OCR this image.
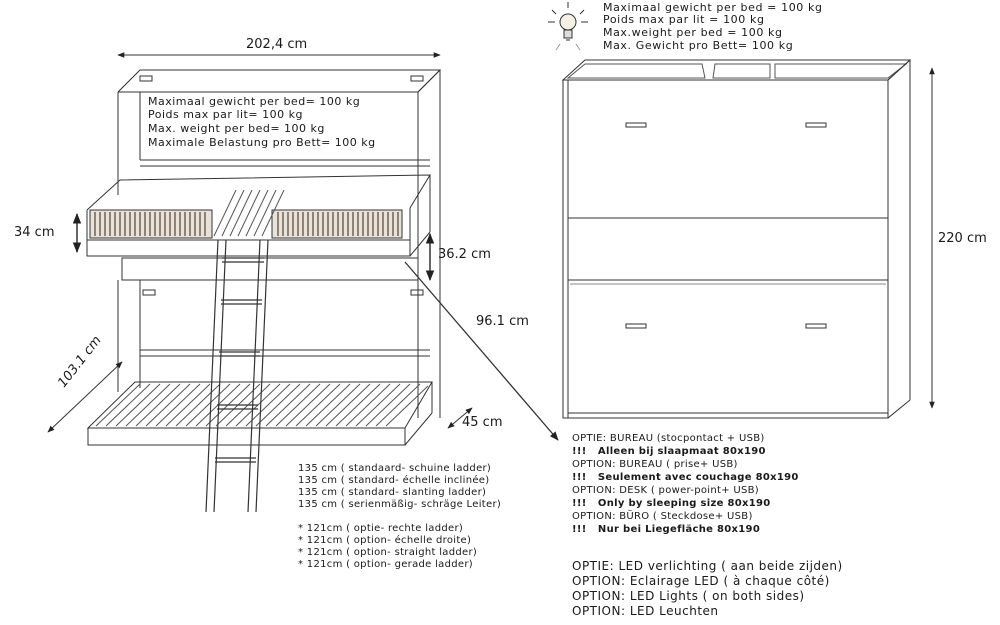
202,4 cm
34 cm
36.2 cm
96.1 cm
103.1 cm
45 cm
220 cm
Maximaal gewicht per bed= 100 kg
Poids max par lit= 100 kg
Max. weight per bed= 100 kg
Maximale Belastung pro Bett= 100 kg
Maximaal gewicht per bed = 100 kg
Poids max par lit = 100 kg
Max.weight per bed = 100 kg
Max. Gewicht pro Bett= 100 kg
135 cm ( standaard- schuine ladder)
135 cm ( standard- échelle inclinée)
135 cm ( standard- slanting ladder)
135 cm ( serienmäßig- schräge Leiter)
* 121cm ( optie- rechte ladder)
* 121cm ( option- échelle droite)
* 121cm ( option- straight ladder)
* 121cm ( option- gerade ladder)
OPTIE: BUREAU (stocpontact + USB)
!!!   Alleen bij slaapmaat 80x190
OPTION: BUREAU ( prise+ USB)
!!!   Seulement avec couchage 80x190
OPTION: DESK ( power-point+ USB)
!!!   Only by sleeping size 80x190
OPTION: BÜRO ( Steckdose+ USB)
!!!   Nur bei Liegefläche 80x190
OPTIE: LED verlichting ( aan beide zijden)
OPTION: Eclairage LED ( à chaque côté)
OPTION: LED Lights ( on both sides)
OPTION: LED Leuchten
